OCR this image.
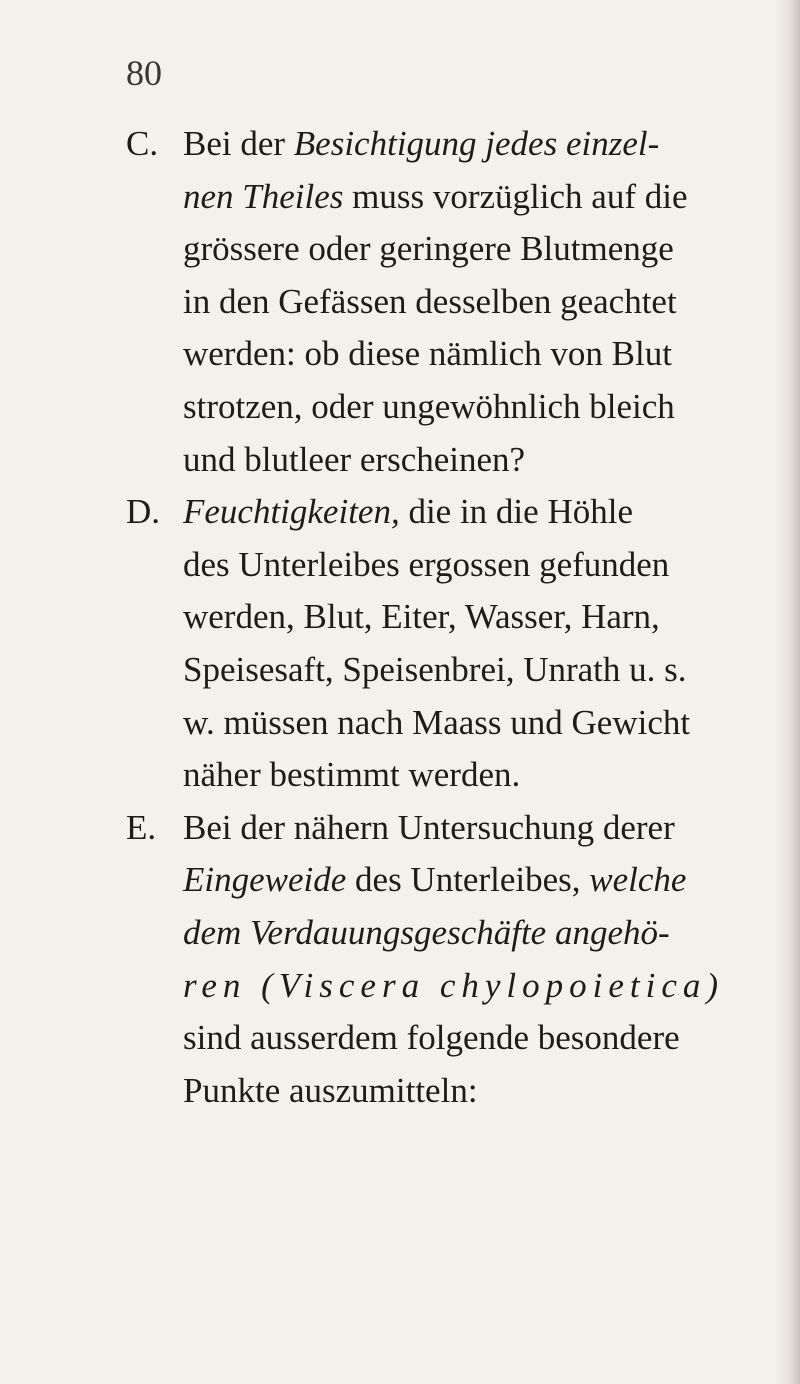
80
C. Bei der Besichtigung jedes einzel-
nen Theiles muss vorzüglich auf die
grössere oder geringere Blutmenge
in den Gefässen desselben geachtet
werden: ob diese nämlich von Blut
strotzen, oder ungewöhnlich bleich
und blutleer erscheinen?
D. Feuchtigkeiten, die in die Höhle
des Unterleibes ergossen gefunden
werden, Blut, Eiter, Wasser, Harn,
Speisesaft, Speisenbrei, Unrath u. s.
w. müssen nach Maass und Gewicht
näher bestimmt werden.
E. Bei der nähern Untersuchung derer
Eingeweide des Unterleibes, welche
dem Verdauungsgeschäfte angehö-
ren (Viscera chylopoietica)
sind ausserdem folgende besondere
Punkte auszumitteln:
